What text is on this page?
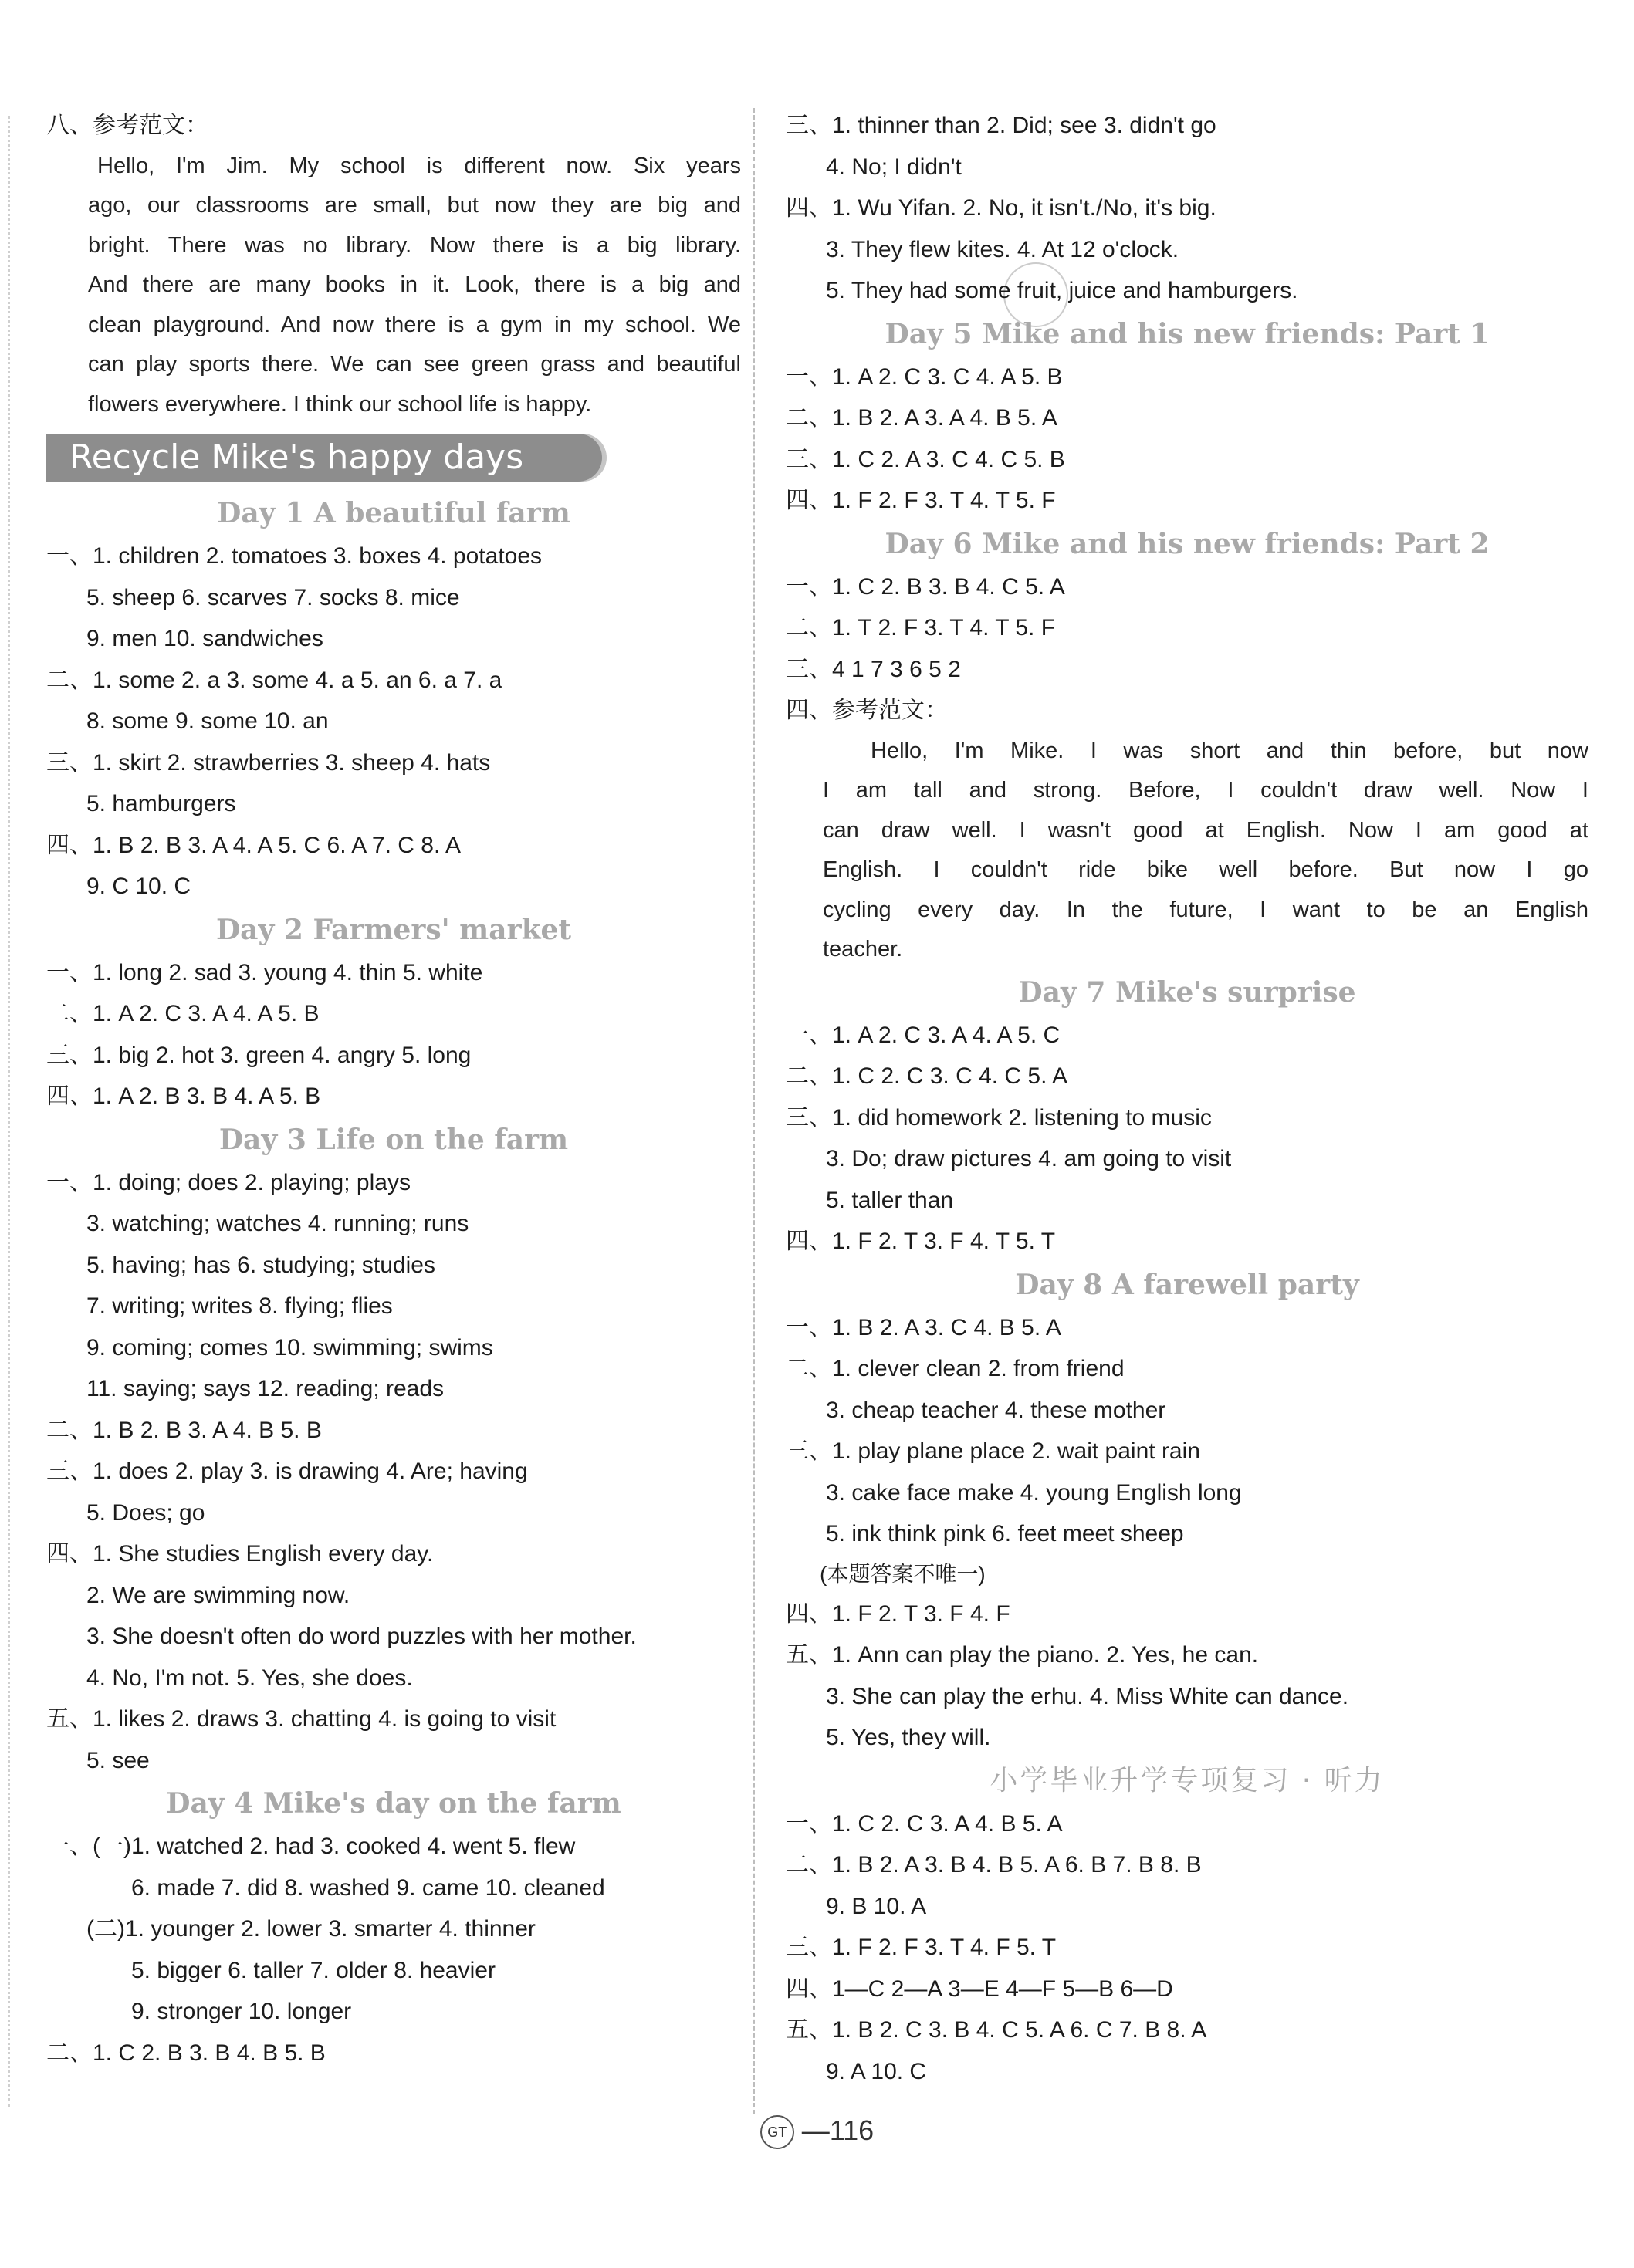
八、参考范文：
Hello, I'm Jim. My school is different now. Six years
ago, our classrooms are small, but now they are big and
bright. There was no library. Now there is a big library.
And there are many books in it. Look, there is a big and
clean playground. And now there is a gym in my school. We
can play sports there. We can see green grass and beautiful
flowers everywhere. I think our school life is happy.
Recycle Mike's happy days
Day 1 A beautiful farm
一、1. children 2. tomatoes 3. boxes 4. potatoes
5. sheep 6. scarves 7. socks 8. mice
9. men 10. sandwiches
二、1. some 2. a 3. some 4. a 5. an 6. a 7. a
8. some 9. some 10. an
三、1. skirt 2. strawberries 3. sheep 4. hats
5. hamburgers
四、1. B 2. B 3. A 4. A 5. C 6. A 7. C 8. A
9. C 10. C
Day 2 Farmers' market
一、1. long 2. sad 3. young 4. thin 5. white
二、1. A 2. C 3. A 4. A 5. B
三、1. big 2. hot 3. green 4. angry 5. long
四、1. A 2. B 3. B 4. A 5. B
Day 3 Life on the farm
一、1. doing; does 2. playing; plays
3. watching; watches 4. running; runs
5. having; has 6. studying; studies
7. writing; writes 8. flying; flies
9. coming; comes 10. swimming; swims
11. saying; says 12. reading; reads
二、1. B 2. B 3. A 4. B 5. B
三、1. does 2. play 3. is drawing 4. Are; having
5. Does; go
四、1. She studies English every day.
2. We are swimming now.
3. She doesn't often do word puzzles with her mother.
4. No, I'm not. 5. Yes, she does.
五、1. likes 2. draws 3. chatting 4. is going to visit
5. see
Day 4 Mike's day on the farm
一、(一)1. watched 2. had 3. cooked 4. went 5. flew
6. made 7. did 8. washed 9. came 10. cleaned
(二)1. younger 2. lower 3. smarter 4. thinner
5. bigger 6. taller 7. older 8. heavier
9. stronger 10. longer
二、1. C 2. B 3. B 4. B 5. B
三、1. thinner than 2. Did; see 3. didn't go
4. No; I didn't
四、1. Wu Yifan. 2. No, it isn't./No, it's big.
3. They flew kites. 4. At 12 o'clock.
5. They had some fruit, juice and hamburgers.
Day 5 Mike and his new friends: Part 1
一、1. A 2. C 3. C 4. A 5. B
二、1. B 2. A 3. A 4. B 5. A
三、1. C 2. A 3. C 4. C 5. B
四、1. F 2. F 3. T 4. T 5. F
Day 6 Mike and his new friends: Part 2
一、1. C 2. B 3. B 4. C 5. A
二、1. T 2. F 3. T 4. T 5. F
三、4 1 7 3 6 5 2
四、参考范文：
Hello, I'm Mike. I was short and thin before, but now
I am tall and strong. Before, I couldn't draw well. Now I
can draw well. I wasn't good at English. Now I am good at
English. I couldn't ride bike well before. But now I go
cycling every day. In the future, I want to be an English
teacher.
Day 7 Mike's surprise
一、1. A 2. C 3. A 4. A 5. C
二、1. C 2. C 3. C 4. C 5. A
三、1. did homework 2. listening to music
3. Do; draw pictures 4. am going to visit
5. taller than
四、1. F 2. T 3. F 4. T 5. T
Day 8 A farewell party
一、1. B 2. A 3. C 4. B 5. A
二、1. clever clean 2. from friend
3. cheap teacher 4. these mother
三、1. play plane place 2. wait paint rain
3. cake face make 4. young English long
5. ink think pink 6. feet meet sheep
(本题答案不唯一)
四、1. F 2. T 3. F 4. F
五、1. Ann can play the piano. 2. Yes, he can.
3. She can play the erhu. 4. Miss White can dance.
5. Yes, they will.
小学毕业升学专项复习 · 听力
一、1. C 2. C 3. A 4. B 5. A
二、1. B 2. A 3. B 4. B 5. A 6. B 7. B 8. B
9. B 10. A
三、1. F 2. F 3. T 4. F 5. T
四、1—C 2—A 3—E 4—F 5—B 6—D
五、1. B 2. C 3. B 4. C 5. A 6. C 7. B 8. A
9. A 10. C
GT —116
